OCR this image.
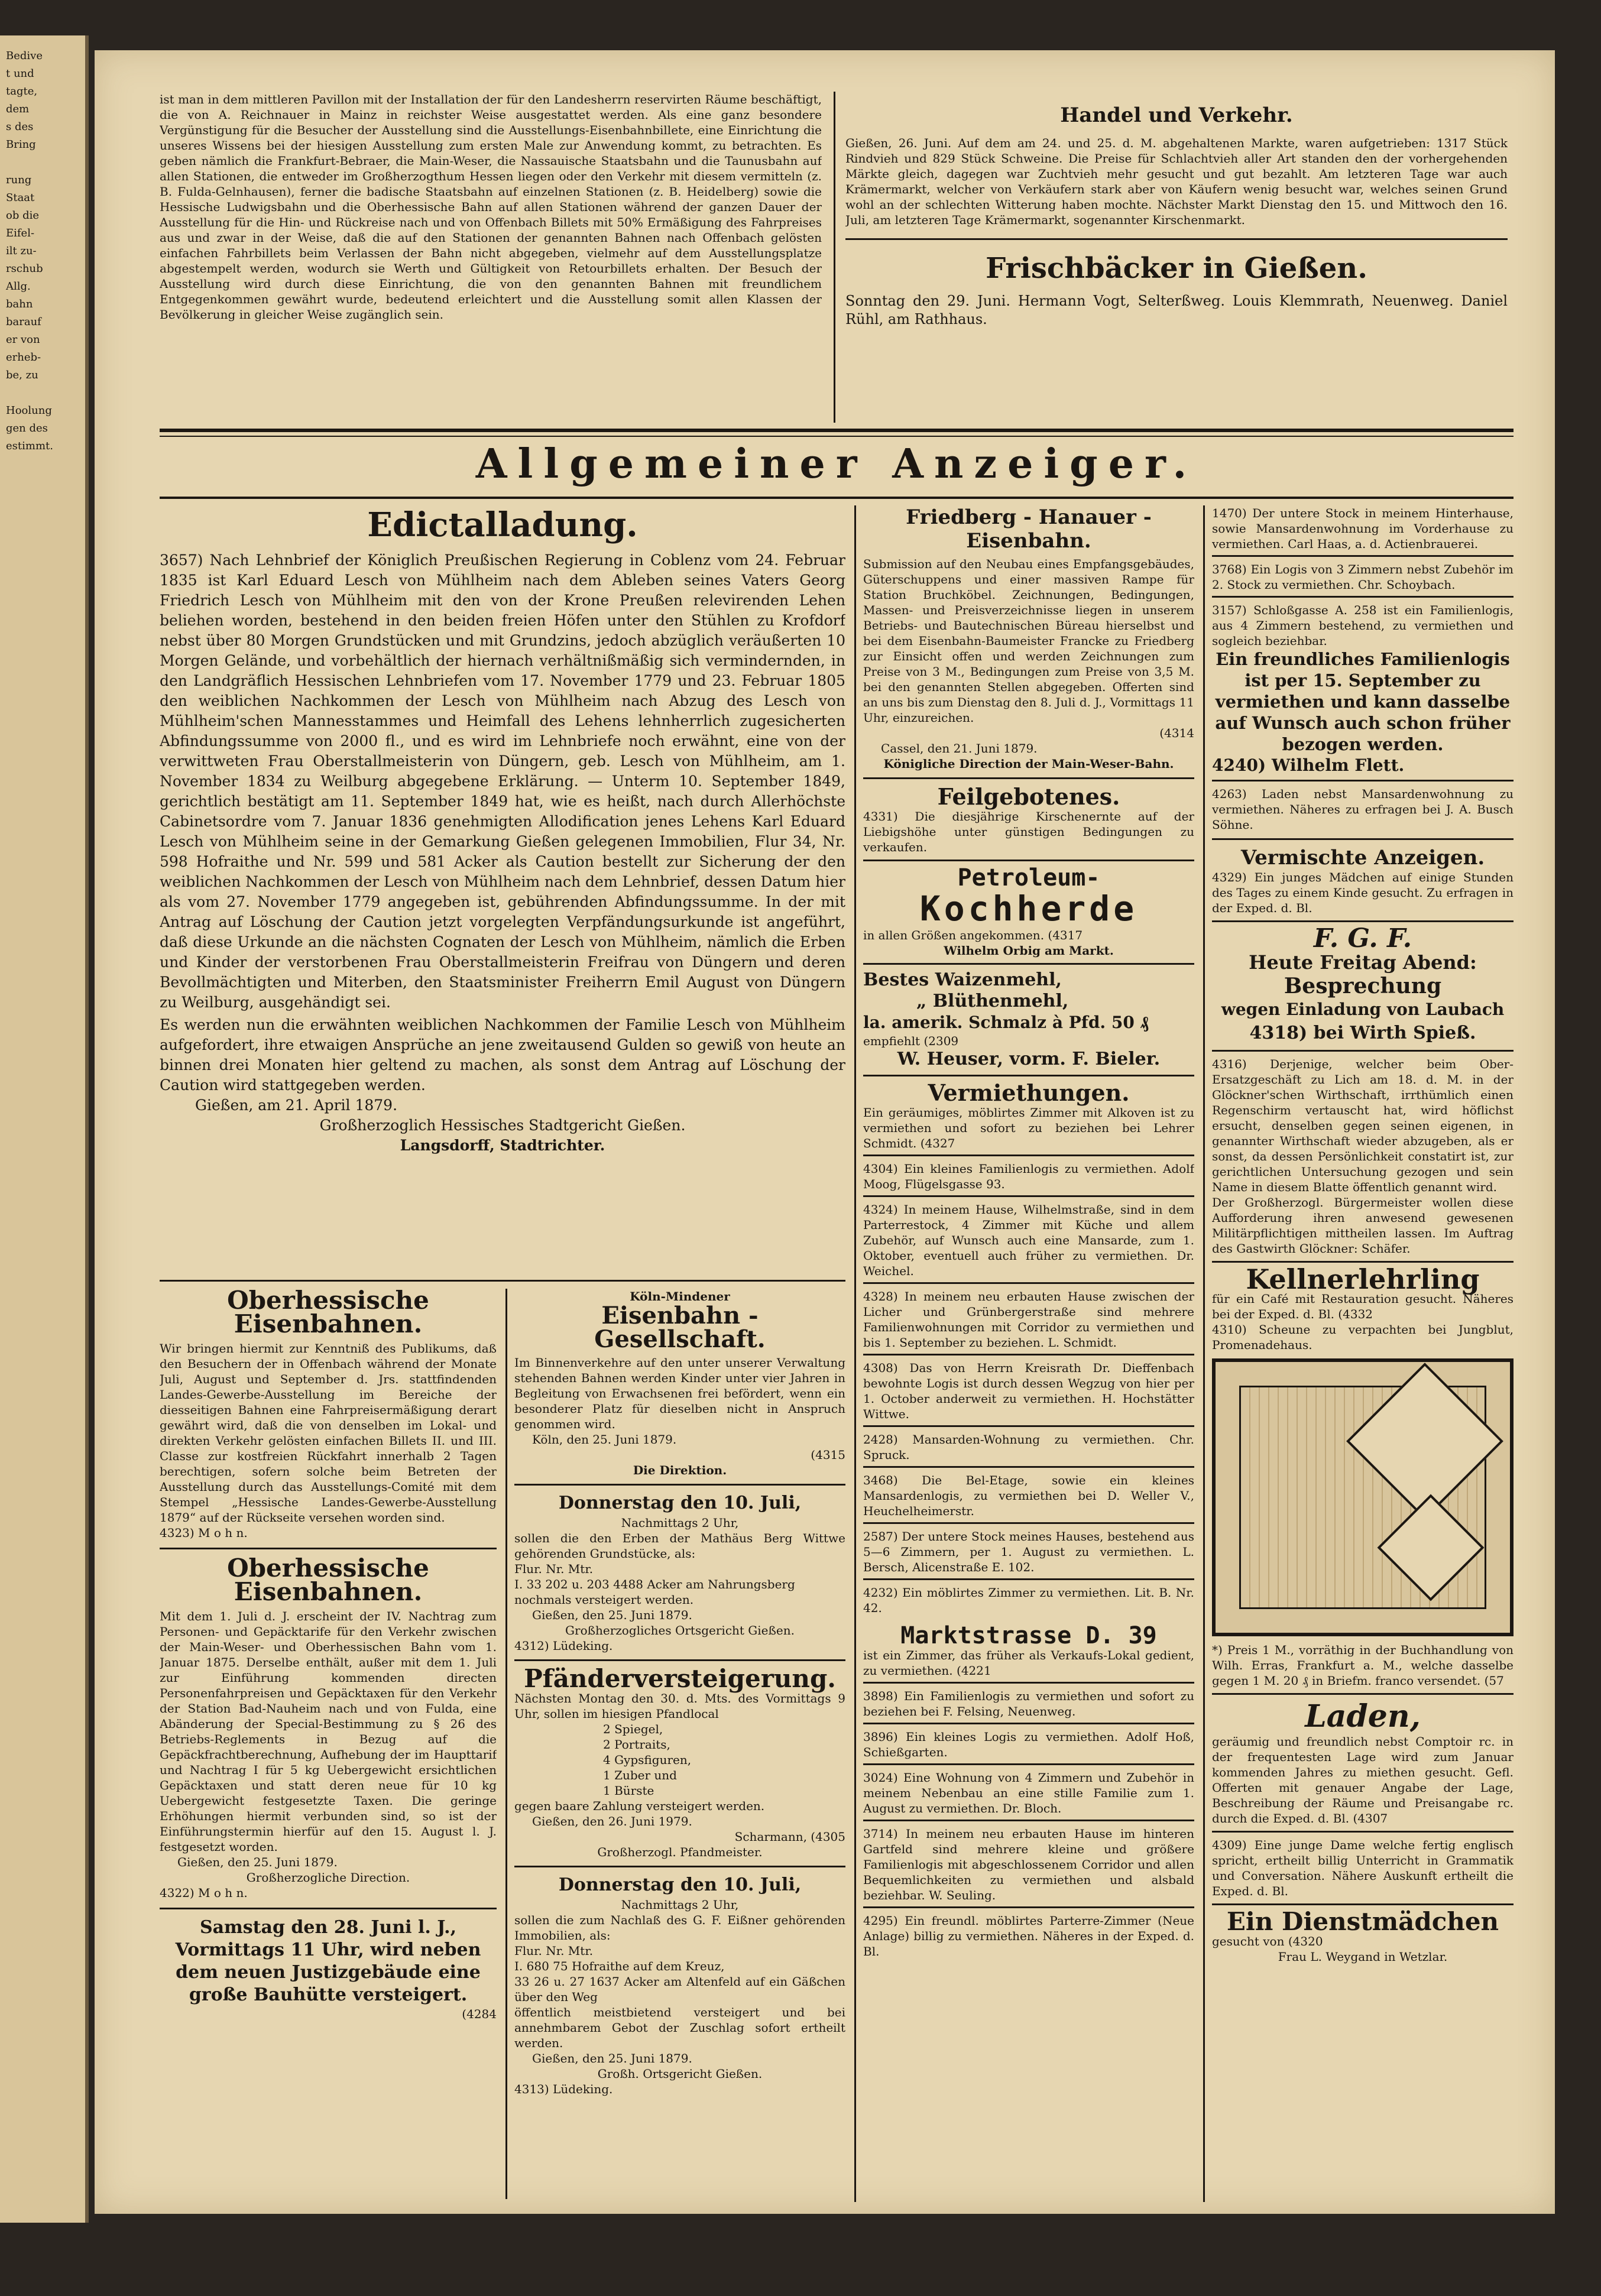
Bedive
t und
tagte,
dem
s des
Bring

rung
Staat
ob die
Eifel-
ilt zu-
rschub
Allg.
bahn
barauf
er von
erheb-
be, zu

Hoolung
gen des
estimmt.

ist man in dem mittleren Pavillon mit der Installation der für den Landesherrn reservirten Räume beschäftigt, die von A. Reichnauer in Mainz in reichster Weise ausgestattet werden. Als eine ganz besondere Vergünstigung für die Besucher der Ausstellung sind die Ausstellungs-Eisenbahnbillete, eine Einrichtung die unseres Wissens bei der hiesigen Ausstellung zum ersten Male zur Anwendung kommt, zu betrachten. Es geben nämlich die Frankfurt-Bebraer, die Main-Weser, die Nassauische Staatsbahn und die Taunusbahn auf allen Stationen, die entweder im Großherzogthum Hessen liegen oder den Verkehr mit diesem vermitteln (z. B. Fulda-Gelnhausen), ferner die badische Staatsbahn auf einzelnen Stationen (z. B. Heidelberg) sowie die Hessische Ludwigsbahn und die Oberhessische Bahn auf allen Stationen während der ganzen Dauer der Ausstellung für die Hin- und Rückreise nach und von Offenbach Billets mit 50% Ermäßigung des Fahrpreises aus und zwar in der Weise, daß die auf den Stationen der genannten Bahnen nach Offenbach gelösten einfachen Fahrbillets beim Verlassen der Bahn nicht abgegeben, vielmehr auf dem Ausstellungsplatze abgestempelt werden, wodurch sie Werth und Gültigkeit von Retourbillets erhalten. Der Besuch der Ausstellung wird durch diese Einrichtung, die von den genannten Bahnen mit freundlichem Entgegenkommen gewährt wurde, bedeutend erleichtert und die Ausstellung somit allen Klassen der Bevölkerung in gleicher Weise zugänglich sein.

Handel und Verkehr.

Gießen, 26. Juni. Auf dem am 24. und 25. d. M. abgehaltenen Markte, waren aufgetrieben: 1317 Stück Rindvieh und 829 Stück Schweine. Die Preise für Schlachtvieh aller Art standen den der vorhergehenden Märkte gleich, dagegen war Zuchtvieh mehr gesucht und gut bezahlt. Am letzteren Tage war auch Krämermarkt, welcher von Verkäufern stark aber von Käufern wenig besucht war, welches seinen Grund wohl an der schlechten Witterung haben mochte. Nächster Markt Dienstag den 15. und Mittwoch den 16. Juli, am letzteren Tage Krämermarkt, sogenannter Kirschenmarkt.

Frischbäcker in Gießen.

Sonntag den 29. Juni. Hermann Vogt, Selterßweg. Louis Klemmrath, Neuenweg. Daniel Rühl, am Rathhaus.

Allgemeiner Anzeiger.
Edictalladung.

3657) Nach Lehnbrief der Königlich Preußischen Regierung in Coblenz vom 24. Februar 1835 ist Karl Eduard Lesch von Mühlheim nach dem Ableben seines Vaters Georg Friedrich Lesch von Mühlheim mit den von der Krone Preußen relevirenden Lehen beliehen worden, bestehend in den beiden freien Höfen unter den Stühlen zu Krofdorf nebst über 80 Morgen Grundstücken und mit Grundzins, jedoch abzüglich veräußerten 10 Morgen Gelände, und vorbehältlich der hiernach verhältnißmäßig sich vermindernden, in den Landgräflich Hessischen Lehnbriefen vom 17. November 1779 und 23. Februar 1805 den weiblichen Nachkommen der Lesch von Mühlheim nach Abzug des Lesch von Mühlheim'schen Mannesstammes und Heimfall des Lehens lehnherrlich zugesicherten Abfindungssumme von 2000 fl., und es wird im Lehnbriefe noch erwähnt, eine von der verwittweten Frau Oberstallmeisterin von Düngern, geb. Lesch von Mühlheim, am 1. November 1834 zu Weilburg abgegebene Erklärung. — Unterm 10. September 1849, gerichtlich bestätigt am 11. September 1849 hat, wie es heißt, nach durch Allerhöchste Cabinetsordre vom 7. Januar 1836 genehmigten Allodification jenes Lehens Karl Eduard Lesch von Mühlheim seine in der Gemarkung Gießen gelegenen Immobilien, Flur 34, Nr. 598 Hofraithe und Nr. 599 und 581 Acker als Caution bestellt zur Sicherung der den weiblichen Nachkommen der Lesch von Mühlheim nach dem Lehnbrief, dessen Datum hier als vom 27. November 1779 angegeben ist, gebührenden Abfindungssumme. In der mit Antrag auf Löschung der Caution jetzt vorgelegten Verpfändungsurkunde ist angeführt, daß diese Urkunde an die nächsten Cognaten der Lesch von Mühlheim, nämlich die Erben und Kinder der verstorbenen Frau Oberstallmeisterin Freifrau von Düngern und deren Bevollmächtigten und Miterben, den Staatsminister Freiherrn Emil August von Düngern zu Weilburg, ausgehändigt sei.

Es werden nun die erwähnten weiblichen Nachkommen der Familie Lesch von Mühlheim aufgefordert, ihre etwaigen Ansprüche an jene zweitausend Gulden so gewiß von heute an binnen drei Monaten hier geltend zu machen, als sonst dem Antrag auf Löschung der Caution wird stattgegeben werden.

Gießen, am 21. April 1879.

Großherzoglich Hessisches Stadtgericht Gießen.

Langsdorff, Stadtrichter.

Oberhessische Eisenbahnen.

Wir bringen hiermit zur Kenntniß des Publikums, daß den Besuchern der in Offenbach während der Monate Juli, August und September d. Jrs. stattfindenden Landes-Gewerbe-Ausstellung im Bereiche der diesseitigen Bahnen eine Fahrpreisermäßigung derart gewährt wird, daß die von denselben im Lokal- und direkten Verkehr gelösten einfachen Billets II. und III. Classe zur kostfreien Rückfahrt innerhalb 2 Tagen berechtigen, sofern solche beim Betreten der Ausstellung durch das Ausstellungs-Comité mit dem Stempel „Hessische Landes-Gewerbe-Ausstellung 1879“ auf der Rückseite versehen worden sind.

4323) M o h n.

Oberhessische Eisenbahnen.

Mit dem 1. Juli d. J. erscheint der IV. Nachtrag zum Personen- und Gepäcktarife für den Verkehr zwischen der Main-Weser- und Oberhessischen Bahn vom 1. Januar 1875. Derselbe enthält, außer mit dem 1. Juli zur Einführung kommenden directen Personenfahrpreisen und Gepäcktaxen für den Verkehr der Station Bad-Nauheim nach und von Fulda, eine Abänderung der Special-Bestimmung zu § 26 des Betriebs-Reglements in Bezug auf die Gepäckfrachtberechnung, Aufhebung der im Haupttarif und Nachtrag I für 5 kg Uebergewicht ersichtlichen Gepäcktaxen und statt deren neue für 10 kg Uebergewicht festgesetzte Taxen. Die geringe Erhöhungen hiermit verbunden sind, so ist der Einführungstermin hierfür auf den 15. August l. J. festgesetzt worden.

Gießen, den 25. Juni 1879.

Großherzogliche Direction.

4322) M o h n.

Samstag den 28. Juni l. J., Vormittags 11 Uhr, wird neben dem neuen Justizgebäude eine große Bauhütte versteigert.

(4284

Köln-Mindener
Eisenbahn - Gesellschaft.

Im Binnenverkehre auf den unter unserer Verwaltung stehenden Bahnen werden Kinder unter vier Jahren in Begleitung von Erwachsenen frei befördert, wenn ein besonderer Platz für dieselben nicht in Anspruch genommen wird.

Köln, den 25. Juni 1879.

(4315

Die Direktion.

Donnerstag den 10. Juli,

Nachmittags 2 Uhr,

sollen die den Erben der Mathäus Berg Wittwe gehörenden Grundstücke, als:

Flur. Nr. Mtr.
I. 33 202 u. 203 4488 Acker am Nahrungsberg

nochmals versteigert werden.

Gießen, den 25. Juni 1879.

Großherzogliches Ortsgericht Gießen.

4312) Lüdeking.

Pfänderversteigerung.

Nächsten Montag den 30. d. Mts. des Vormittags 9 Uhr, sollen im hiesigen Pfandlocal

2 Spiegel,

2 Portraits,

4 Gypsfiguren,

1 Zuber und

1 Bürste

gegen baare Zahlung versteigert werden.

Gießen, den 26. Juni 1979.

Scharmann, (4305

Großherzogl. Pfandmeister.

Donnerstag den 10. Juli,

Nachmittags 2 Uhr,

sollen die zum Nachlaß des G. F. Eißner gehörenden Immobilien, als:

Flur. Nr. Mtr.
I. 680 75 Hofraithe auf dem Kreuz,
33 26 u. 27 1637 Acker am Altenfeld auf ein Gäßchen über den Weg

öffentlich meistbietend versteigert und bei annehmbarem Gebot der Zuschlag sofort ertheilt werden.

Gießen, den 25. Juni 1879.

Großh. Ortsgericht Gießen.

4313) Lüdeking.

Friedberg - Hanauer - Eisenbahn.

Submission auf den Neubau eines Empfangsgebäudes, Güterschuppens und einer massiven Rampe für Station Bruchköbel. Zeichnungen, Bedingungen, Massen- und Preisverzeichnisse liegen in unserem Betriebs- und Bautechnischen Büreau hierselbst und bei dem Eisenbahn-Baumeister Francke zu Friedberg zur Einsicht offen und werden Zeichnungen zum Preise von 3 M., Bedingungen zum Preise von 3,5 M. bei den genannten Stellen abgegeben. Offerten sind an uns bis zum Dienstag den 8. Juli d. J., Vormittags 11 Uhr, einzureichen.

(4314

Cassel, den 21. Juni 1879.

Königliche Direction der Main-Weser-Bahn.

Feilgebotenes.

4331) Die diesjährige Kirschenernte auf der Liebigshöhe unter günstigen Bedingungen zu verkaufen.

Petroleum-
Kochherde

in allen Größen angekommen. (4317

Wilhelm Orbig am Markt.

Bestes Waizenmehl,

„ Blüthenmehl,

la. amerik. Schmalz à Pfd. 50 ₰

empfiehlt (2309

W. Heuser, vorm. F. Bieler.

Vermiethungen.

Ein geräumiges, möblirtes Zimmer mit Alkoven ist zu vermiethen und sofort zu beziehen bei Lehrer Schmidt. (4327

4304) Ein kleines Familienlogis zu vermiethen. Adolf Moog, Flügelsgasse 93.

4324) In meinem Hause, Wilhelmstraße, sind in dem Parterrestock, 4 Zimmer mit Küche und allem Zubehör, auf Wunsch auch eine Mansarde, zum 1. Oktober, eventuell auch früher zu vermiethen. Dr. Weichel.

4328) In meinem neu erbauten Hause zwischen der Licher und Grünbergerstraße sind mehrere Familienwohnungen mit Corridor zu vermiethen und bis 1. September zu beziehen. L. Schmidt.

4308) Das von Herrn Kreisrath Dr. Dieffenbach bewohnte Logis ist durch dessen Wegzug von hier per 1. October anderweit zu vermiethen. H. Hochstätter Wittwe.

2428) Mansarden-Wohnung zu vermiethen. Chr. Spruck.

3468) Die Bel-Etage, sowie ein kleines Mansardenlogis, zu vermiethen bei D. Weller V., Heuchelheimerstr.

2587) Der untere Stock meines Hauses, bestehend aus 5—6 Zimmern, per 1. August zu vermiethen. L. Bersch, Alicenstraße E. 102.

4232) Ein möblirtes Zimmer zu vermiethen. Lit. B. Nr. 42.

Marktstrasse D. 39

ist ein Zimmer, das früher als Verkaufs-Lokal gedient, zu vermiethen. (4221

3898) Ein Familienlogis zu vermiethen und sofort zu beziehen bei F. Felsing, Neuenweg.

3896) Ein kleines Logis zu vermiethen. Adolf Hoß, Schießgarten.

3024) Eine Wohnung von 4 Zimmern und Zubehör in meinem Nebenbau an eine stille Familie zum 1. August zu vermiethen. Dr. Bloch.

3714) In meinem neu erbauten Hause im hinteren Gartfeld sind mehrere kleine und größere Familienlogis mit abgeschlossenem Corridor und allen Bequemlichkeiten zu vermiethen und alsbald beziehbar. W. Seuling.

4295) Ein freundl. möblirtes Parterre-Zimmer (Neue Anlage) billig zu vermiethen. Näheres in der Exped. d. Bl.

1470) Der untere Stock in meinem Hinterhause, sowie Mansardenwohnung im Vorderhause zu vermiethen. Carl Haas, a. d. Actienbrauerei.

3768) Ein Logis von 3 Zimmern nebst Zubehör im 2. Stock zu vermiethen. Chr. Schoybach.

3157) Schloßgasse A. 258 ist ein Familienlogis, aus 4 Zimmern bestehend, zu vermiethen und sogleich beziehbar.

Ein freundliches Familienlogis ist per 15. September zu vermiethen und kann dasselbe auf Wunsch auch schon früher bezogen werden.

4240) Wilhelm Flett.

4263) Laden nebst Mansardenwohnung zu vermiethen. Näheres zu erfragen bei J. A. Busch Söhne.

Vermischte Anzeigen.

4329) Ein junges Mädchen auf einige Stunden des Tages zu einem Kinde gesucht. Zu erfragen in der Exped. d. Bl.

F. G. F.
Heute Freitag Abend:
Besprechung
wegen Einladung von Laubach
4318) bei Wirth Spieß.

4316) Derjenige, welcher beim Ober-Ersatzgeschäft zu Lich am 18. d. M. in der Glöckner'schen Wirthschaft, irrthümlich einen Regenschirm vertauscht hat, wird höflichst ersucht, denselben gegen seinen eigenen, in genannter Wirthschaft wieder abzugeben, als er sonst, da dessen Persönlichkeit constatirt ist, zur gerichtlichen Untersuchung gezogen und sein Name in diesem Blatte öffentlich genannt wird.

Der Großherzogl. Bürgermeister wollen diese Aufforderung ihren anwesend gewesenen Militärpflichtigen mittheilen lassen. Im Auftrag des Gastwirth Glöckner: Schäfer.

Kellnerlehrling

für ein Café mit Restauration gesucht. Näheres bei der Exped. d. Bl. (4332

4310) Scheune zu verpachten bei Jungblut, Promenadehaus.

*) Preis 1 M., vorräthig in der Buchhandlung von Wilh. Erras, Frankfurt a. M., welche dasselbe gegen 1 M. 20 ₰ in Briefm. franco versendet. (57

Laden,

geräumig und freundlich nebst Comptoir rc. in der frequentesten Lage wird zum Januar kommenden Jahres zu miethen gesucht. Gefl. Offerten mit genauer Angabe der Lage, Beschreibung der Räume und Preisangabe rc. durch die Exped. d. Bl. (4307

4309) Eine junge Dame welche fertig englisch spricht, ertheilt billig Unterricht in Grammatik und Conversation. Nähere Auskunft ertheilt die Exped. d. Bl.

Ein Dienstmädchen

gesucht von (4320

Frau L. Weygand in Wetzlar.
